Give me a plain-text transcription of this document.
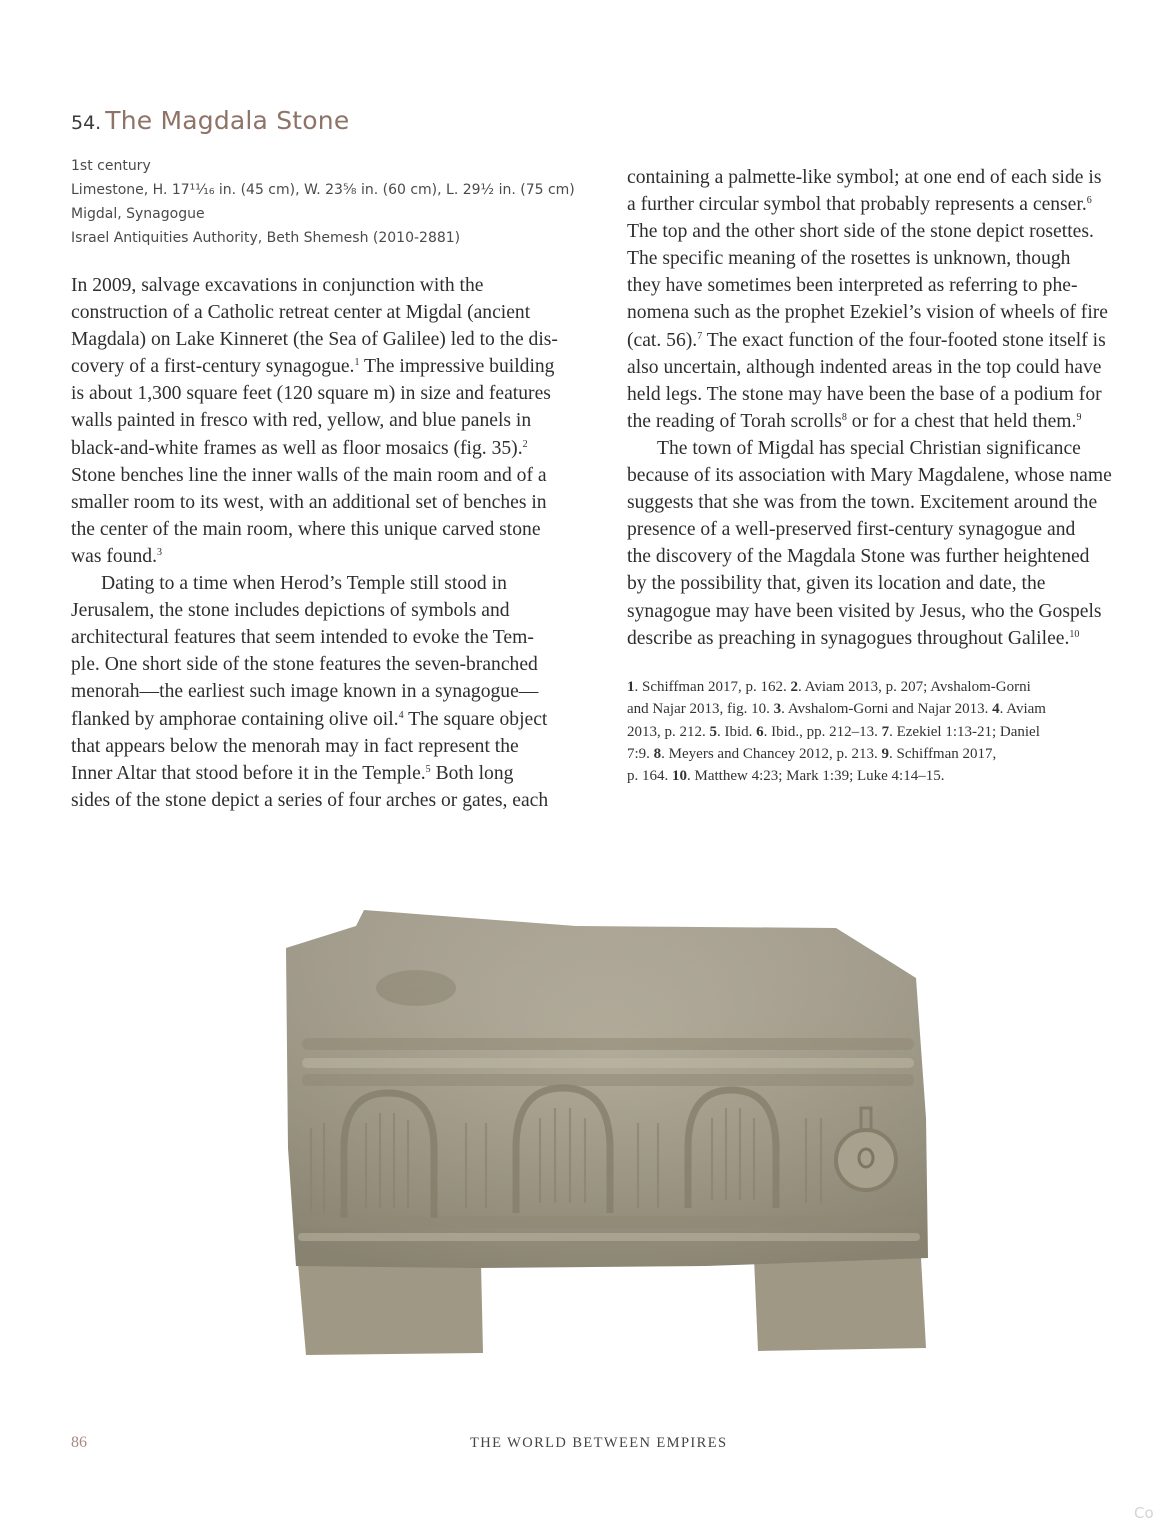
54. The Magdala Stone
1st century
Limestone, H. 17¹¹⁄₁₆ in. (45 cm), W. 23⁵⁄₈ in. (60 cm), L. 29½ in. (75 cm)
Migdal, Synagogue
Israel Antiquities Authority, Beth Shemesh (2010-2881)
In 2009, salvage excavations in conjunction with the
construction of a Catholic retreat center at Migdal (ancient
Magdala) on Lake Kinneret (the Sea of Galilee) led to the dis-
covery of a first-century synagogue.$^1$ The impressive building
is about 1,300 square feet (120 square m) in size and features
walls painted in fresco with red, yellow, and blue panels in
black-and-white frames as well as floor mosaics (fig. 35).$^2$
Stone benches line the inner walls of the main room and of a
smaller room to its west, with an additional set of benches in
the center of the main room, where this unique carved stone
was found.$^3$
Dating to a time when Herod’s Temple still stood in
Jerusalem, the stone includes depictions of symbols and
architectural features that seem intended to evoke the Tem-
ple. One short side of the stone features the seven-branched
menorah—the earliest such image known in a synagogue—
flanked by amphorae containing olive oil.$^4$ The square object
that appears below the menorah may in fact represent the
Inner Altar that stood before it in the Temple.$^5$ Both long
sides of the stone depict a series of four arches or gates, each
containing a palmette-like symbol; at one end of each side is
a further circular symbol that probably represents a censer.$^6$
The top and the other short side of the stone depict rosettes.
The specific meaning of the rosettes is unknown, though
they have sometimes been interpreted as referring to phe-
nomena such as the prophet Ezekiel’s vision of wheels of fire
(cat. 56).$^7$ The exact function of the four-footed stone itself is
also uncertain, although indented areas in the top could have
held legs. The stone may have been the base of a podium for
the reading of Torah scrolls$^8$ or for a chest that held them.$^9$
The town of Migdal has special Christian significance
because of its association with Mary Magdalene, whose name
suggests that she was from the town. Excitement around the
presence of a well-preserved first-century synagogue and
the discovery of the Magdala Stone was further heightened
by the possibility that, given its location and date, the
synagogue may have been visited by Jesus, who the Gospels
describe as preaching in synagogues throughout Galilee.$^{10}$
1. Schiffman 2017, p. 162. 2. Aviam 2013, p. 207; Avshalom-Gorni
and Najar 2013, fig. 10. 3. Avshalom-Gorni and Najar 2013. 4. Aviam
2013, p. 212. 5. Ibid. 6. Ibid., pp. 212–13. 7. Ezekiel 1:13-21; Daniel
7:9. 8. Meyers and Chancey 2012, p. 213. 9. Schiffman 2017,
p. 164. 10. Matthew 4:23; Mark 1:39; Luke 4:14–15.
86	THE WORLD BETWEEN EMPIRES
Co
